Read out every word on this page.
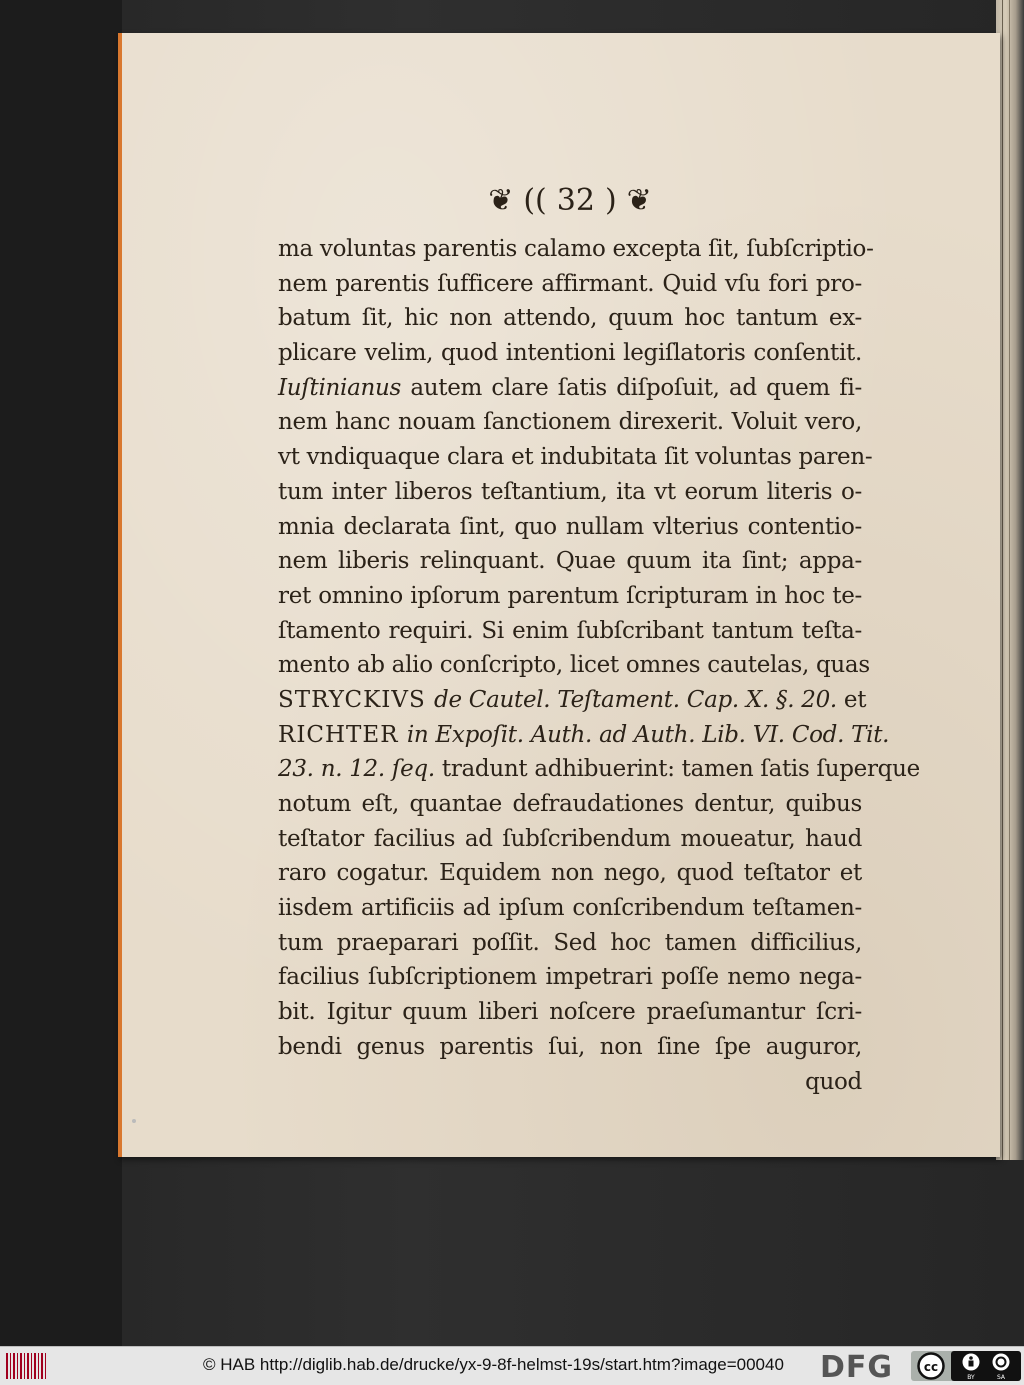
❦ (( 32 ) ❦
ma voluntas parentis calamo excepta ſit, ſubſcriptio-
nem parentis ſufficere affirmant. Quid vſu fori pro-
batum ſit, hic non attendo, quum hoc tantum ex-
plicare velim, quod intentioni legiſlatoris conſentit.
Iuſtinianus autem clare ſatis diſpoſuit, ad quem fi-
nem hanc nouam ſanctionem direxerit. Voluit vero,
vt vndiquaque clara et indubitata ſit voluntas paren-
tum inter liberos teſtantium, ita vt eorum literis o-
mnia declarata ſint, quo nullam vlterius contentio-
nem liberis relinquant. Quae quum ita ſint; appa-
ret omnino ipſorum parentum ſcripturam in hoc te-
ſtamento requiri. Si enim ſubſcribant tantum teſta-
mento ab alio conſcripto, licet omnes cautelas, quas
STRYCKIVS de Cautel. Teſtament. Cap. X. §. 20. et
RICHTER in Expoſit. Auth. ad Auth. Lib. VI. Cod. Tit.
23. n. 12. ſeq. tradunt adhibuerint: tamen ſatis ſuperque
notum eſt, quantae defraudationes dentur, quibus
teſtator facilius ad ſubſcribendum moueatur, haud
raro cogatur. Equidem non nego, quod teſtator et
iisdem artificiis ad ipſum conſcribendum teſtamen-
tum praeparari poſſit. Sed hoc tamen difficilius,
facilius ſubſcriptionem impetrari poſſe nemo nega-
bit. Igitur quum liberi noſcere praeſumantur ſcri-
bendi genus parentis ſui, non ſine ſpe auguror,
quod
© HAB http://diglib.hab.de/drucke/yx-9-8f-helmst-19s/start.htm?image=00040 DFG	cc
BY	SA
